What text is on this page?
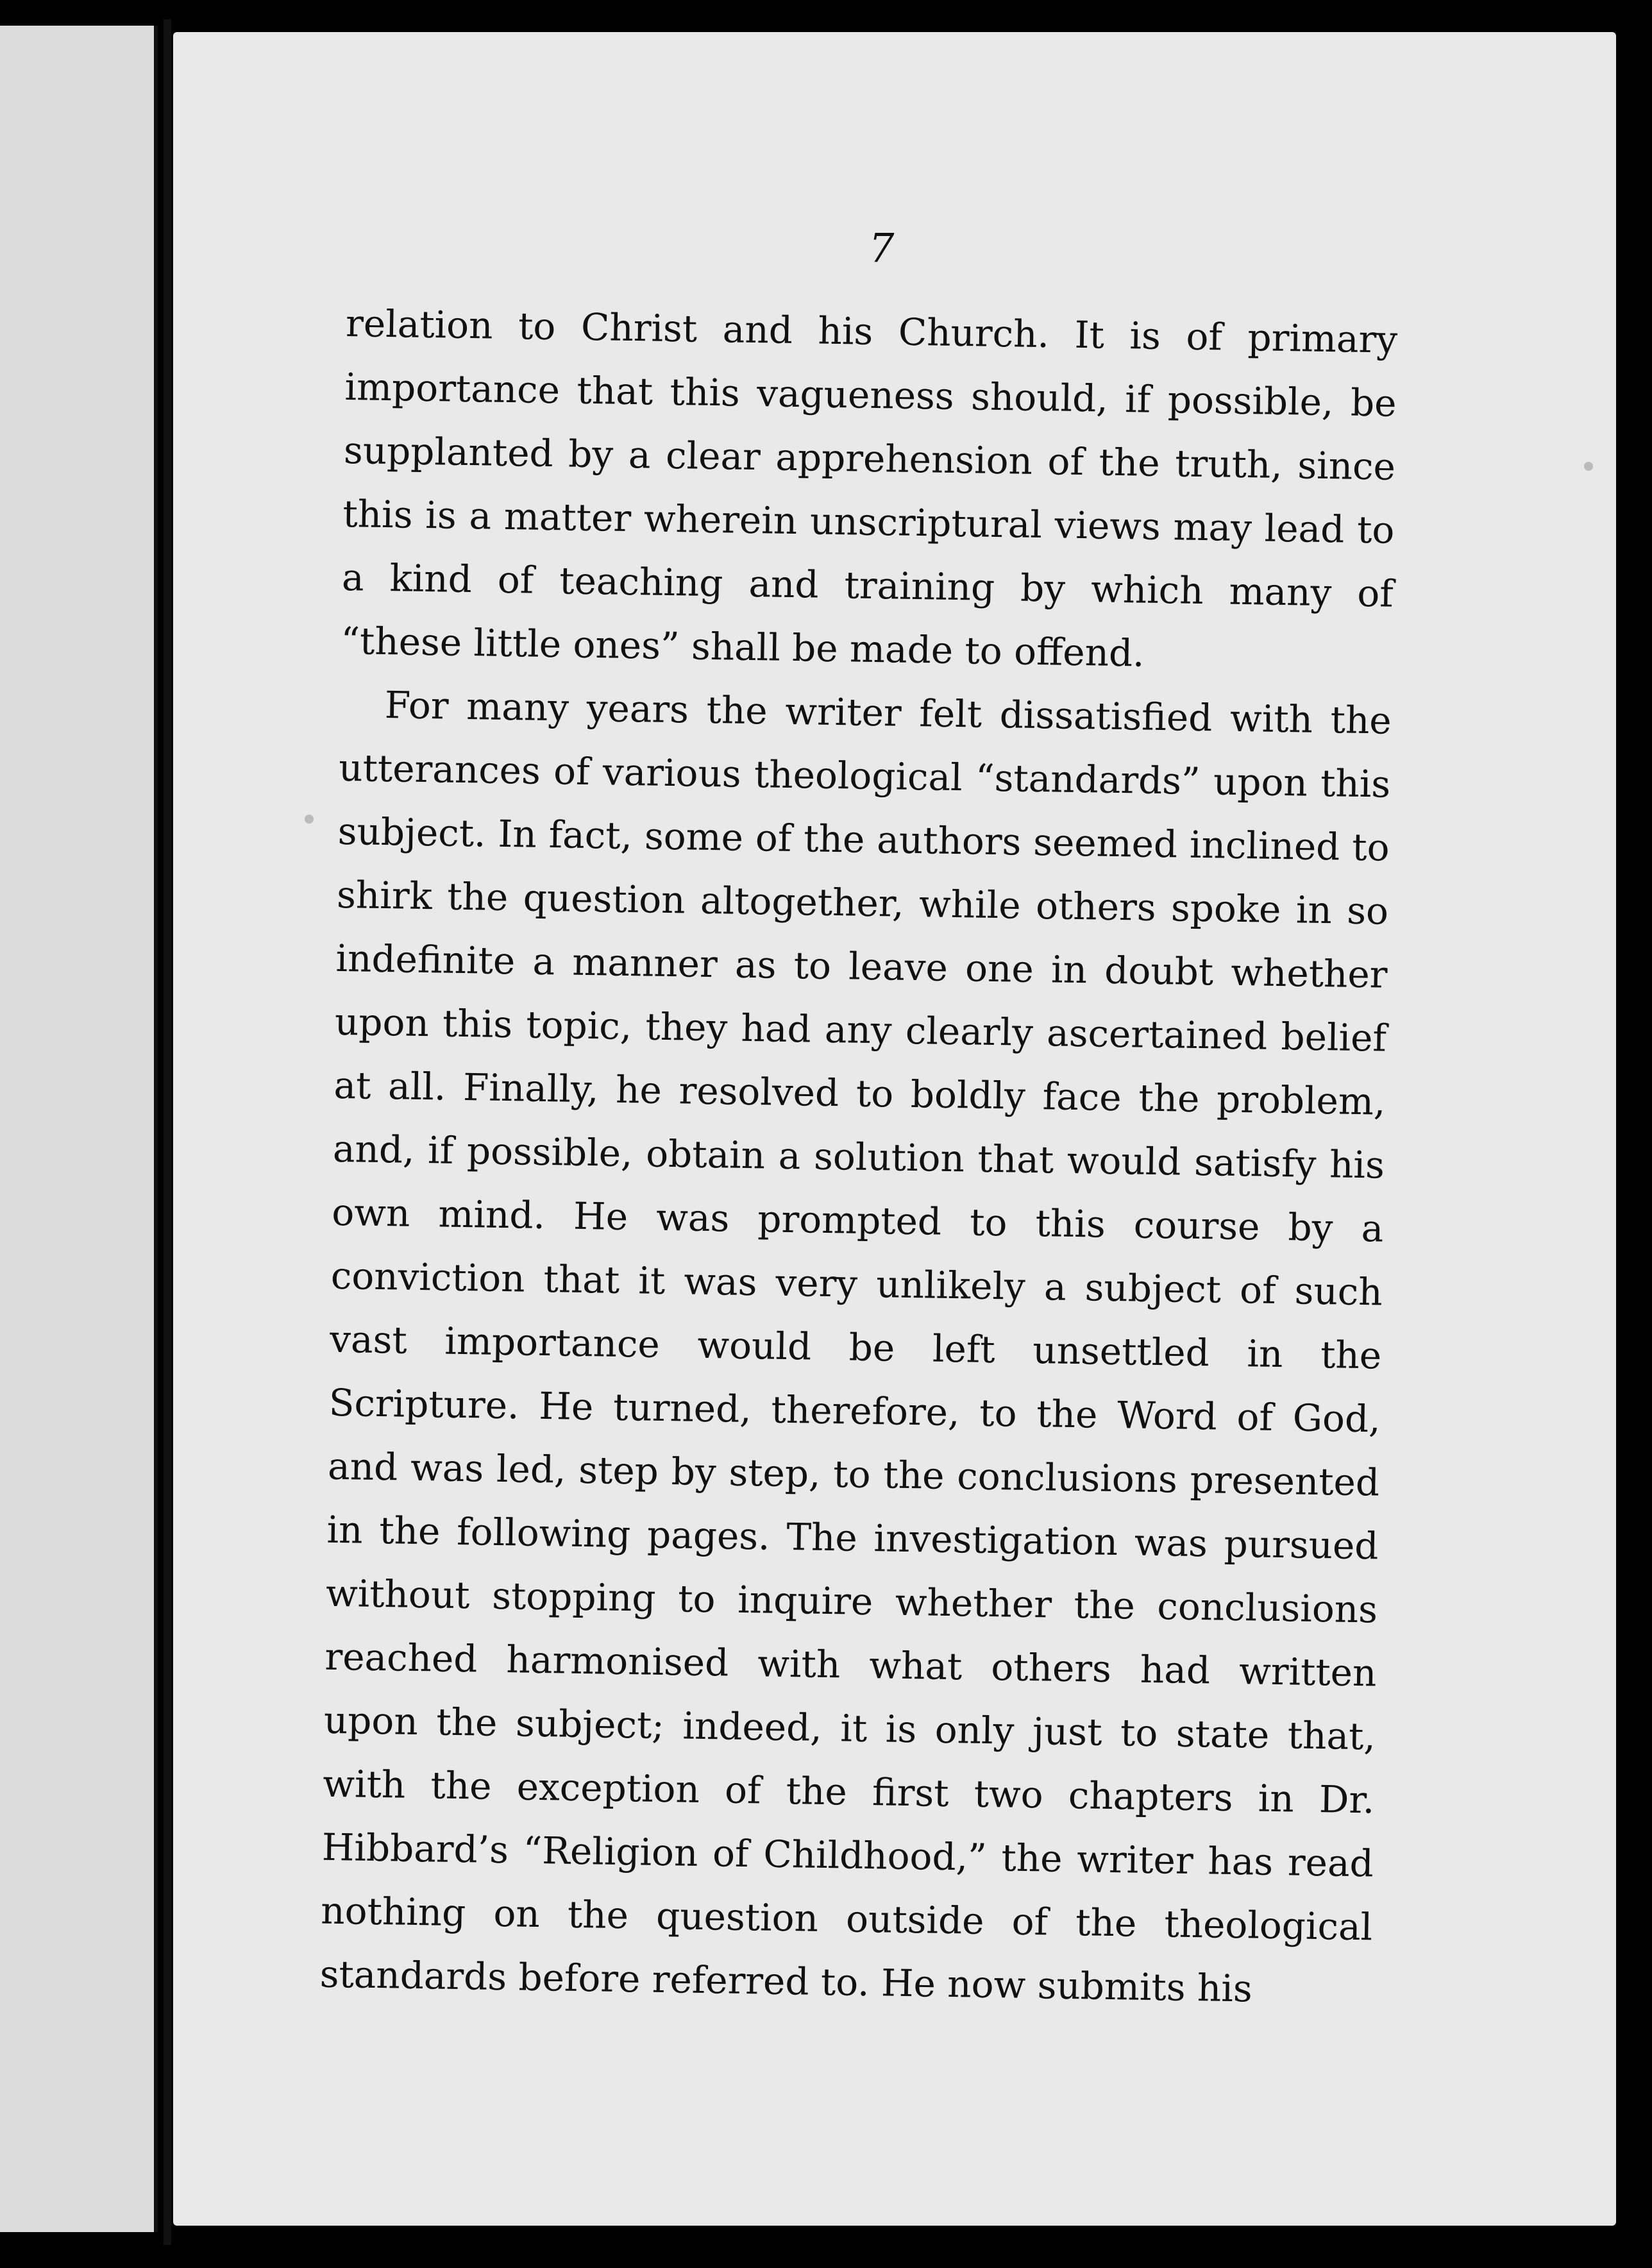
7

relation to Christ and his Church. It is of primary importance that this vagueness should, if possible, be supplanted by a clear apprehension of the truth, since this is a matter wherein unscriptural views may lead to a kind of teaching and training by which many of “these little ones” shall be made to offend.

For many years the writer felt dissatisfied with the utterances of various theological “standards” upon this subject. In fact, some of the authors seemed inclined to shirk the question altogether, while others spoke in so indefinite a manner as to leave one in doubt whether upon this topic, they had any clearly ascertained belief at all. Finally, he resolved to boldly face the problem, and, if possible, obtain a solution that would satisfy his own mind. He was prompted to this course by a conviction that it was very unlikely a subject of such vast importance would be left unsettled in the Scripture. He turned, therefore, to the Word of God, and was led, step by step, to the conclusions presented in the following pages. The investigation was pursued without stopping to inquire whether the conclusions reached harmonised with what others had written upon the subject; indeed, it is only just to state that, with the exception of the first two chapters in Dr. Hibbard’s “Religion of Childhood,” the writer has read nothing on the question outside of the theological standards before referred to. He now submits his
